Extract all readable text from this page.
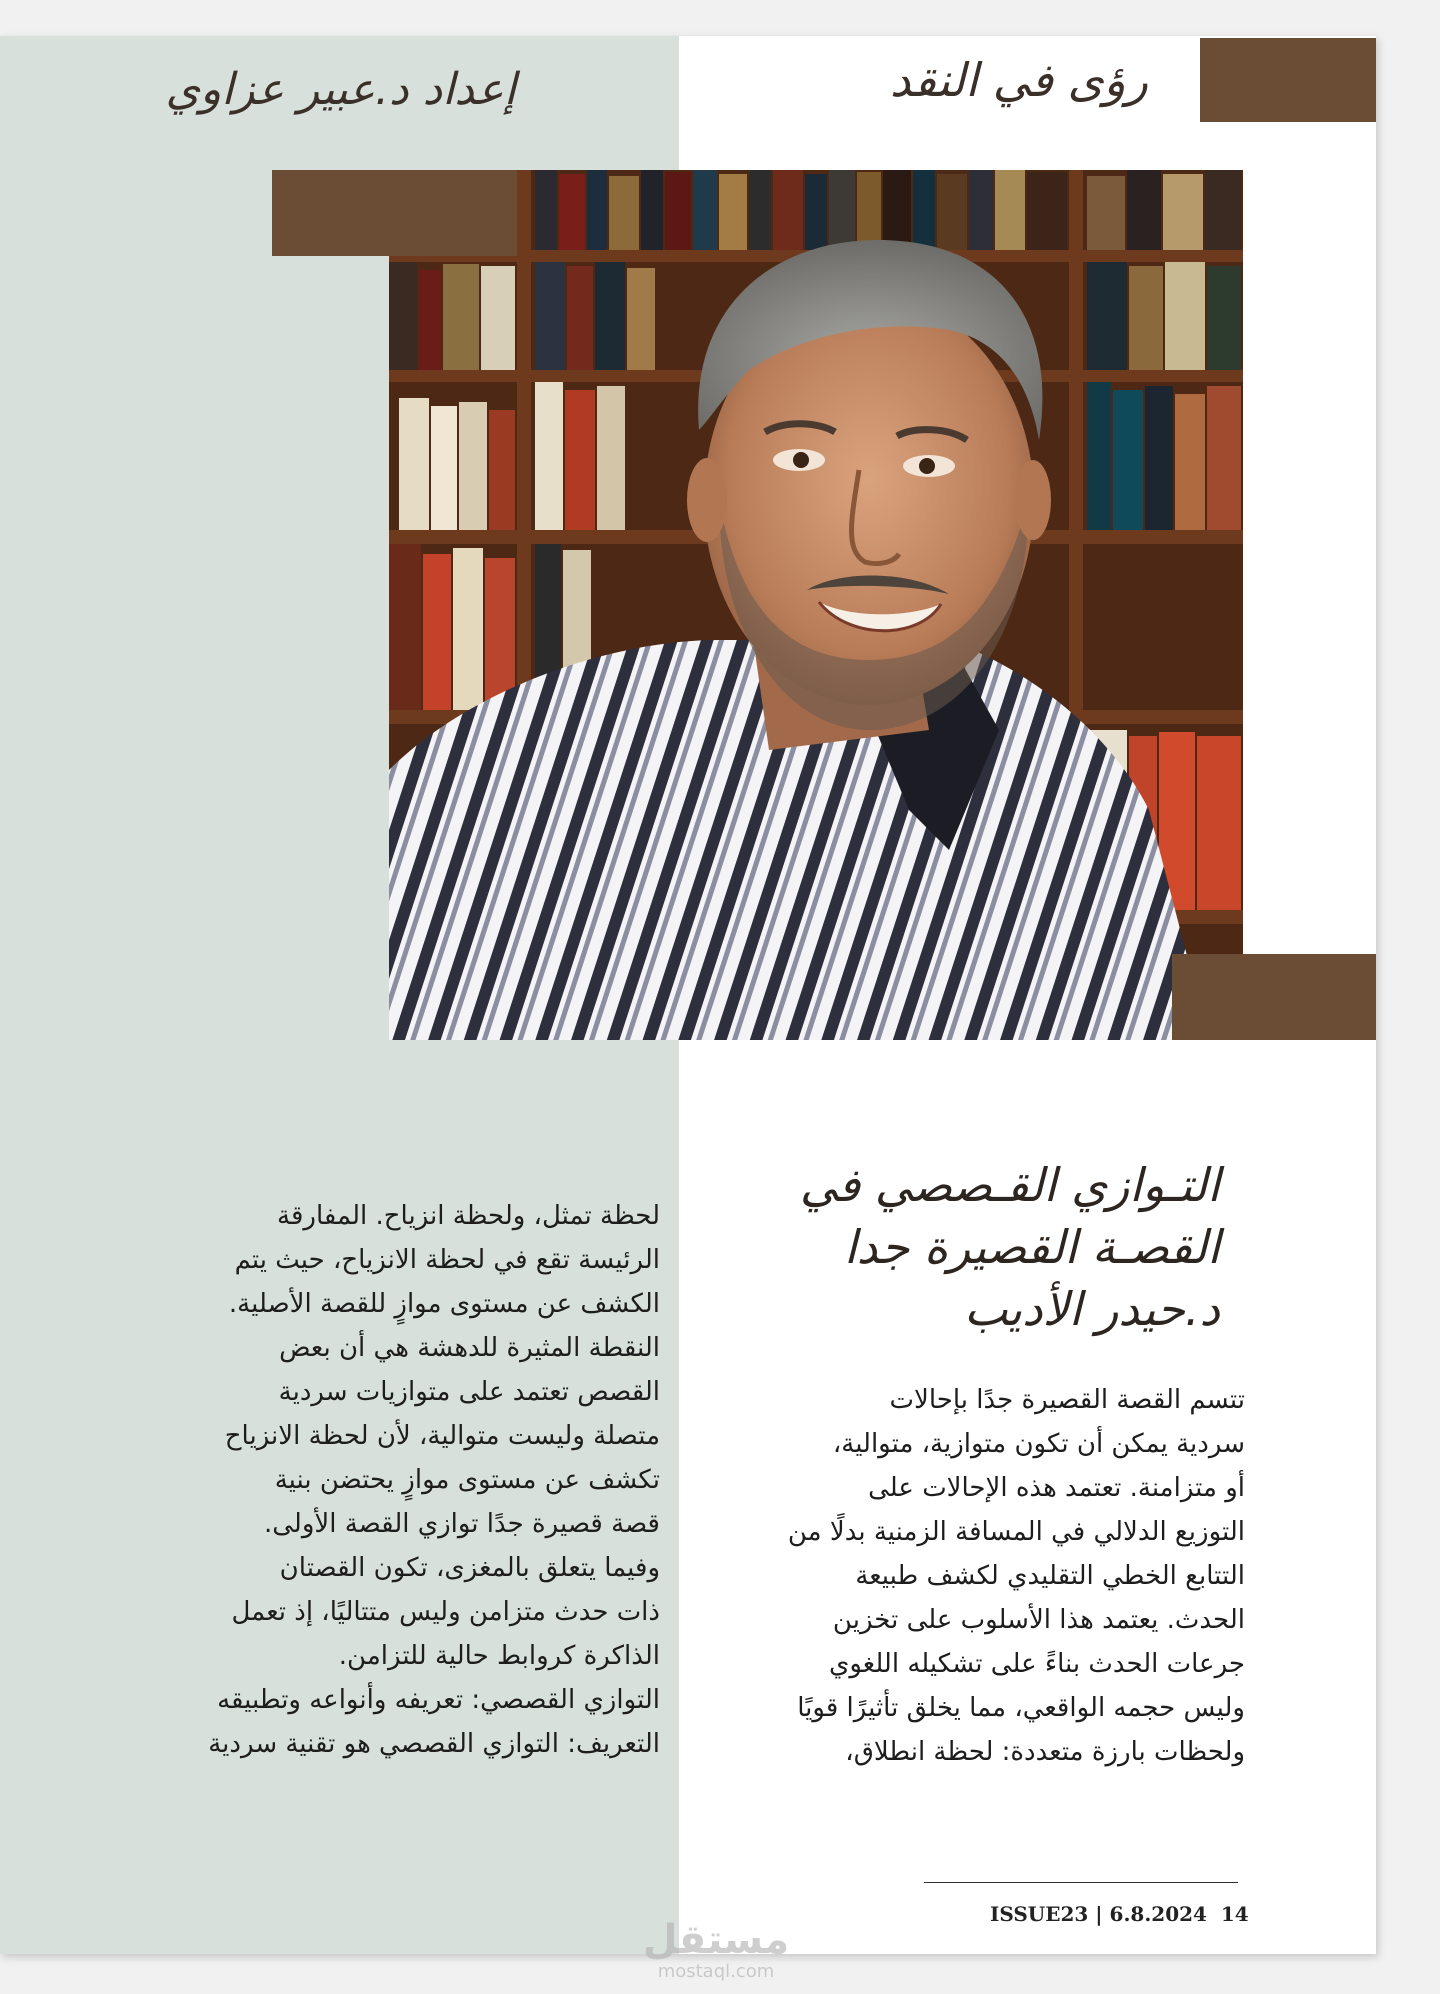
رؤى في النقد
إعداد د.عبير عزاوي
التـوازي القـصصي في
القصـة القصيرة جدا
د.حيدر الأديب
تتسم القصة القصيرة جدًا بإحالات
سردية يمكن أن تكون متوازية، متوالية،
أو متزامنة. تعتمد هذه الإحالات على
التوزيع الدلالي في المسافة الزمنية بدلًا من
التتابع الخطي التقليدي لكشف طبيعة
الحدث. يعتمد هذا الأسلوب على تخزين
جرعات الحدث بناءً على تشكيله اللغوي
وليس حجمه الواقعي، مما يخلق تأثيرًا قويًا
ولحظات بارزة متعددة: لحظة انطلاق،
لحظة تمثل، ولحظة انزياح. المفارقة
الرئيسة تقع في لحظة الانزياح، حيث يتم
الكشف عن مستوى موازٍ للقصة الأصلية.
النقطة المثيرة للدهشة هي أن بعض
القصص تعتمد على متوازيات سردية
متصلة وليست متوالية، لأن لحظة الانزياح
تكشف عن مستوى موازٍ يحتضن بنية
قصة قصيرة جدًا توازي القصة الأولى.
وفيما يتعلق بالمغزى، تكون القصتان
ذات حدث متزامن وليس متتاليًا، إذ تعمل
الذاكرة كروابط حالية للتزامن.
التوازي القصصي: تعريفه وأنواعه وتطبيقه
التعريف: التوازي القصصي هو تقنية سردية
ISSUE23 | 6.8.2024 14
مستقل
mostaql.com
